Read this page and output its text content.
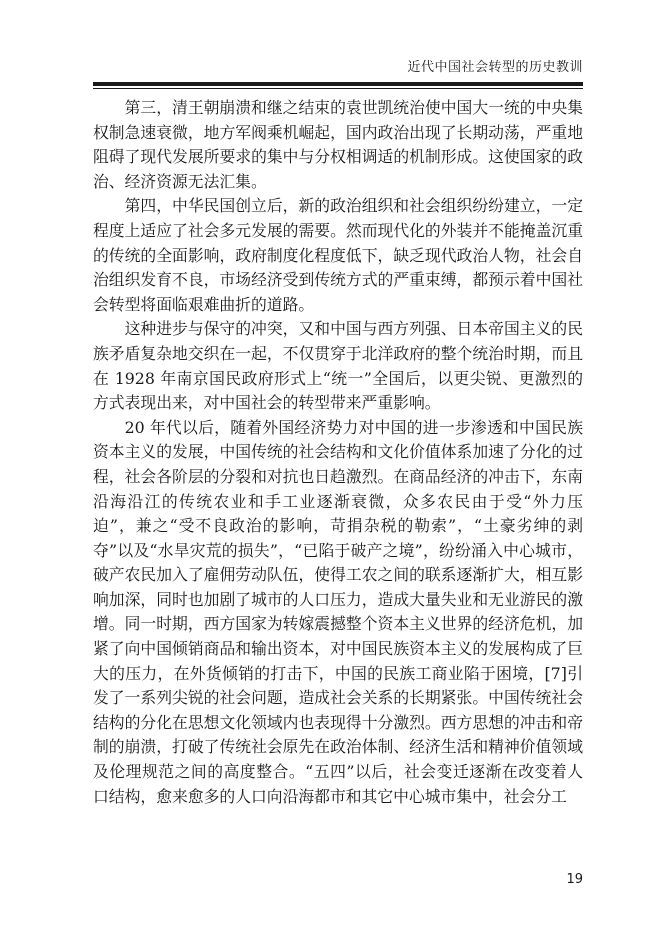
近代中国社会转型的历史教训

第三，清王朝崩溃和继之结束的袁世凯统治使中国大一统的中央集权制急速衰微，地方军阀乘机崛起，国内政治出现了长期动荡，严重地阻碍了现代发展所要求的集中与分权相调适的机制形成。这使国家的政治、经济资源无法汇集。

第四，中华民国创立后，新的政治组织和社会组织纷纷建立，一定程度上适应了社会多元发展的需要。然而现代化的外装并不能掩盖沉重的传统的全面影响，政府制度化程度低下，缺乏现代政治人物，社会自治组织发育不良，市场经济受到传统方式的严重束缚，都预示着中国社会转型将面临艰难曲折的道路。

这种进步与保守的冲突，又和中国与西方列强、日本帝国主义的民族矛盾复杂地交织在一起，不仅贯穿于北洋政府的整个统治时期，而且在 1928 年南京国民政府形式上“统一”全国后，以更尖锐、更激烈的方式表现出来，对中国社会的转型带来严重影响。

20 年代以后，随着外国经济势力对中国的进一步渗透和中国民族资本主义的发展，中国传统的社会结构和文化价值体系加速了分化的过程，社会各阶层的分裂和对抗也日趋激烈。在商品经济的冲击下，东南沿海沿江的传统农业和手工业逐渐衰微，众多农民由于受“外力压迫”，兼之“受不良政治的影响，苛捐杂税的勒索”，“土豪劣绅的剥夺”以及“水旱灾荒的损失”，“已陷于破产之境”，纷纷涌入中心城市，破产农民加入了雇佣劳动队伍，使得工农之间的联系逐渐扩大，相互影响加深，同时也加剧了城市的人口压力，造成大量失业和无业游民的激增。同一时期，西方国家为转嫁震撼整个资本主义世界的经济危机，加紧了向中国倾销商品和输出资本，对中国民族资本主义的发展构成了巨大的压力，在外货倾销的打击下，中国的民族工商业陷于困境，[7]引发了一系列尖锐的社会问题，造成社会关系的长期紧张。中国传统社会结构的分化在思想文化领域内也表现得十分激烈。西方思想的冲击和帝制的崩溃，打破了传统社会原先在政治体制、经济生活和精神价值领域及伦理规范之间的高度整合。“五四”以后，社会变迁逐渐在改变着人口结构，愈来愈多的人口向沿海都市和其它中心城市集中，社会分工

19
